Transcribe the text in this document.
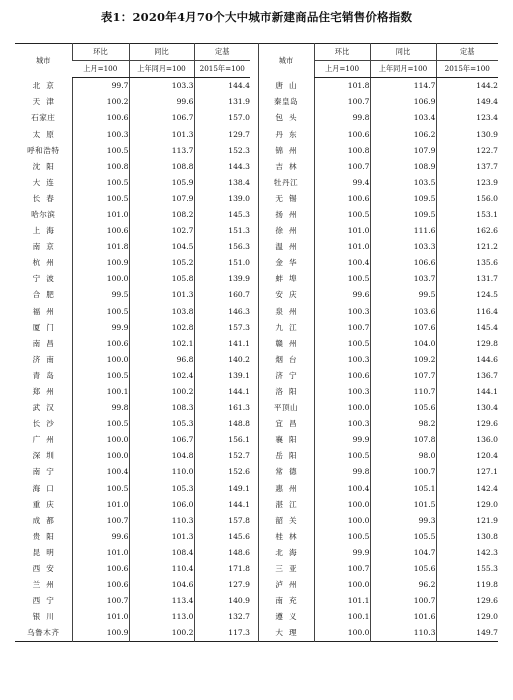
表1：2020年4月70个大中城市新建商品住宅销售价格指数
城市	环比	同比	定基		城市	环比	同比	定基
	上月=100	上年同月=100	2015年=100			上月=100	上年同月=100	2015年=100
北京	99.7	103.3	144.4		唐山	101.8	114.7	144.2
天津	100.2	99.6	131.9		秦皇岛	100.7	106.9	149.4
石家庄	100.6	106.7	157.0		包头	99.8	103.4	123.4
太原	100.3	101.3	129.7		丹东	100.6	106.2	130.9
呼和浩特	100.5	113.7	152.3		锦州	100.8	107.9	122.7
沈阳	100.8	108.8	144.3		吉林	100.7	108.9	137.7
大连	100.5	105.9	138.4		牡丹江	99.4	103.5	123.9
长春	100.5	107.9	139.0		无锡	100.6	109.5	156.0
哈尔滨	101.0	108.2	145.3		扬州	100.5	109.5	153.1
上海	100.6	102.7	151.3		徐州	101.0	111.6	162.6
南京	101.8	104.5	156.3		温州	101.0	103.3	121.2
杭州	100.9	105.2	151.0		金华	100.4	106.6	135.6
宁波	100.0	105.8	139.9		蚌埠	100.5	103.7	131.7
合肥	99.5	101.3	160.7		安庆	99.6	99.5	124.5
福州	100.5	103.8	146.3		泉州	100.3	103.6	116.4
厦门	99.9	102.8	157.3		九江	100.7	107.6	145.4
南昌	100.6	102.1	141.1		赣州	100.5	104.0	129.8
济南	100.0	96.8	140.2		烟台	100.3	109.2	144.6
青岛	100.5	102.4	139.1		济宁	100.6	107.7	136.7
郑州	100.1	100.2	144.1		洛阳	100.3	110.7	144.1
武汉	99.8	108.3	161.3		平顶山	100.0	105.6	130.4
长沙	100.5	105.3	148.8		宜昌	100.3	98.2	129.6
广州	100.0	106.7	156.1		襄阳	99.9	107.8	136.0
深圳	100.0	104.8	152.7		岳阳	100.5	98.0	120.4
南宁	100.4	110.0	152.6		常德	99.8	100.7	127.1
海口	100.5	105.3	149.1		惠州	100.4	105.1	142.4
重庆	101.0	106.0	144.1		湛江	100.0	101.5	129.0
成都	100.7	110.3	157.8		韶关	100.0	99.3	121.9
贵阳	99.6	101.3	145.6		桂林	100.5	105.5	130.8
昆明	101.0	108.4	148.6		北海	99.9	104.7	142.3
西安	100.6	110.4	171.8		三亚	100.7	105.6	155.3
兰州	100.6	104.6	127.9		泸州	100.0	96.2	119.8
西宁	100.7	113.4	140.9		南充	101.1	100.7	129.6
银川	101.0	113.0	132.7		遵义	100.1	101.6	129.0
乌鲁木齐	100.9	100.2	117.3		大理	100.0	110.3	149.7
